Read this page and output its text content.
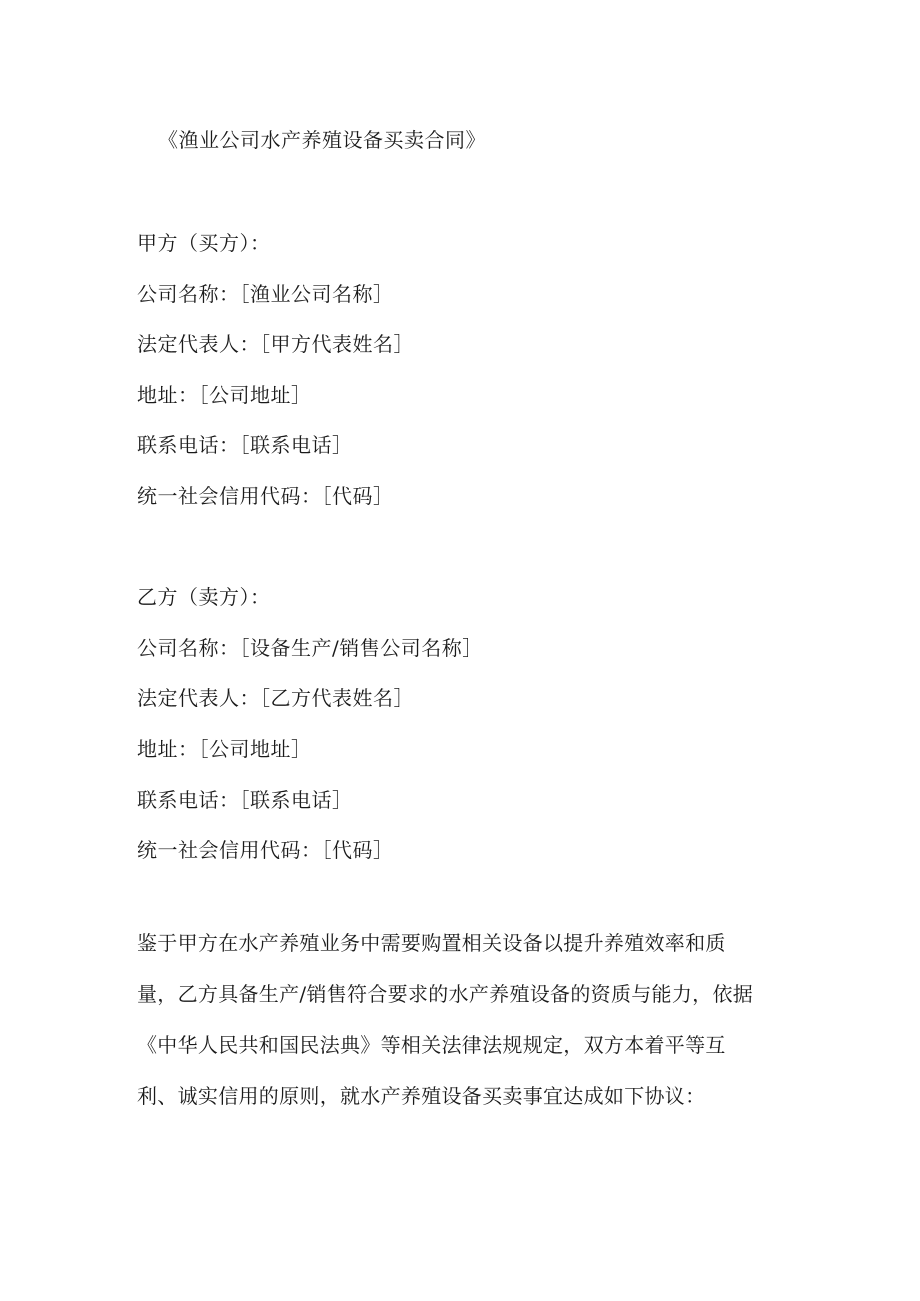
《渔业公司水产养殖设备买卖合同》
甲方（买方）：
公司名称：［渔业公司名称］
法定代表人：［甲方代表姓名］
地址：［公司地址］
联系电话：［联系电话］
统一社会信用代码：［代码］
乙方（卖方）：
公司名称：［设备生产/销售公司名称］
法定代表人：［乙方代表姓名］
地址：［公司地址］
联系电话：［联系电话］
统一社会信用代码：［代码］
鉴于甲方在水产养殖业务中需要购置相关设备以提升养殖效率和质
量，乙方具备生产/销售符合要求的水产养殖设备的资质与能力，依据
《中华人民共和国民法典》等相关法律法规规定，双方本着平等互
利、诚实信用的原则，就水产养殖设备买卖事宜达成如下协议：
